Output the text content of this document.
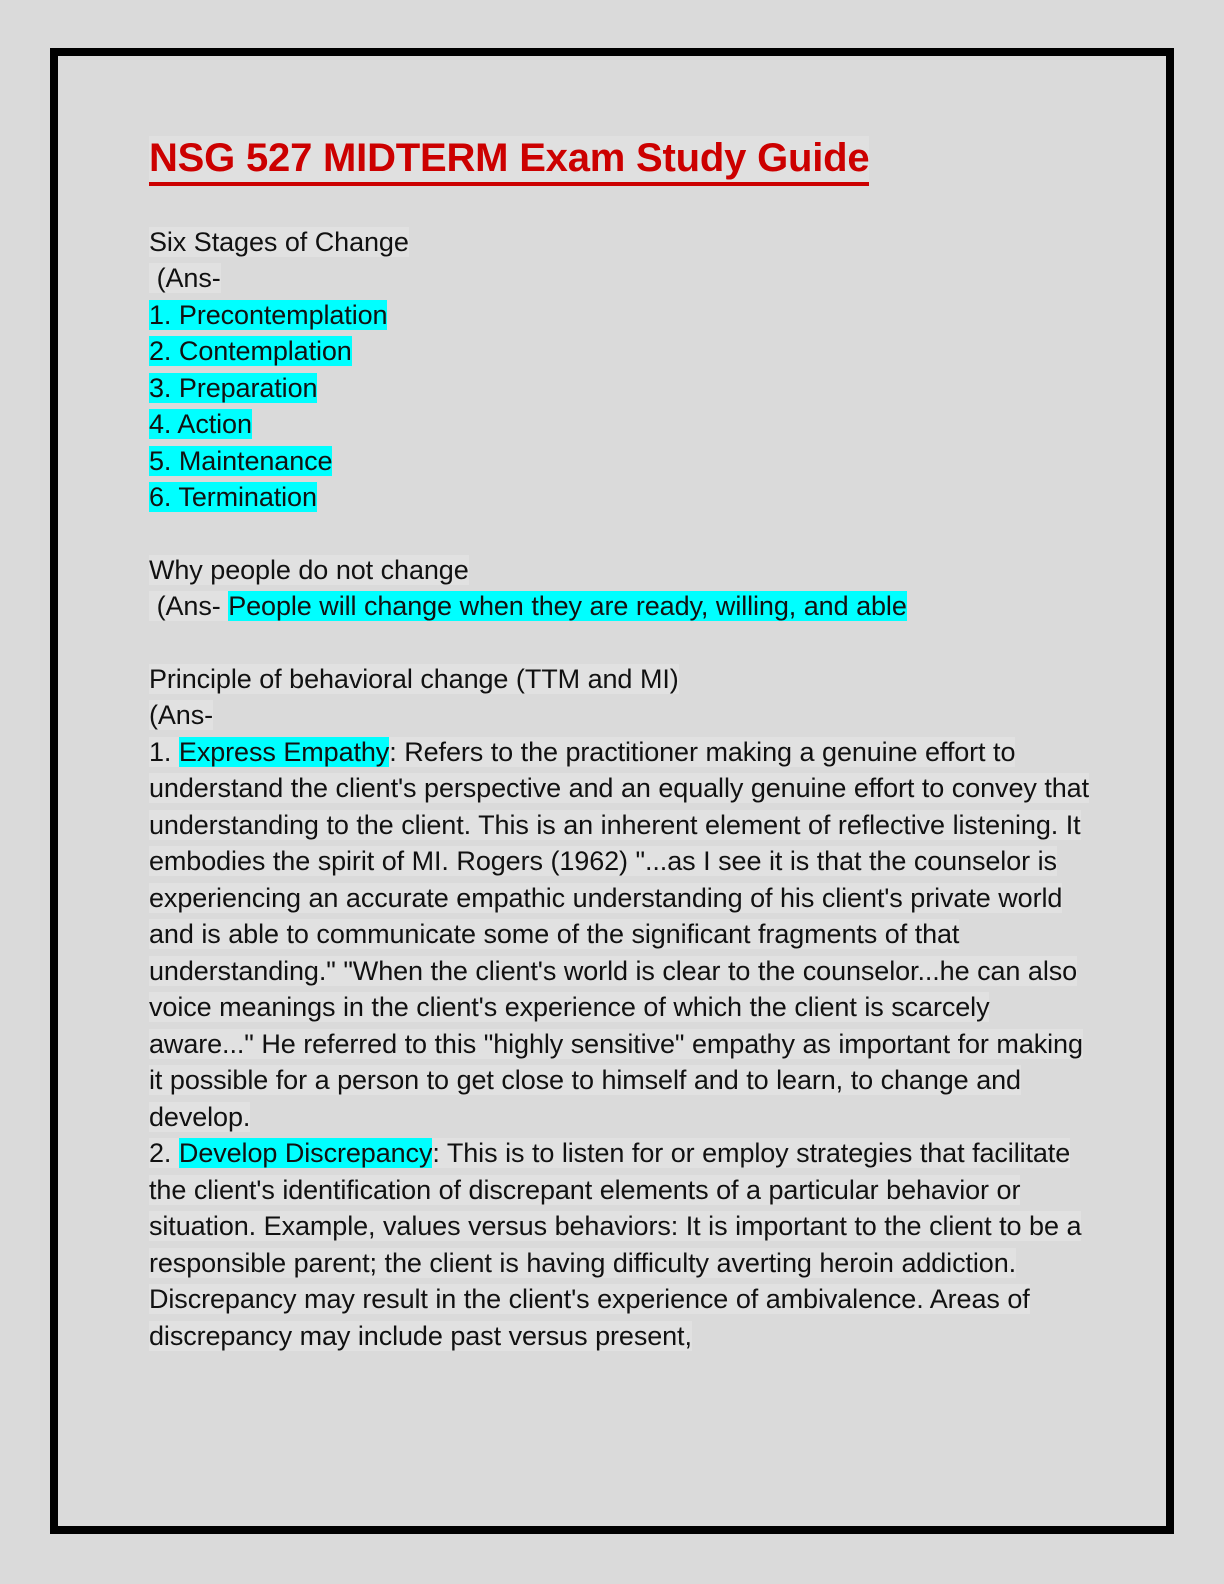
NSG 527 MIDTERM Exam Study Guide
Six Stages of Change
(Ans-
1. Precontemplation
2. Contemplation
3. Preparation
4. Action
5. Maintenance
6. Termination
Why people do not change
(Ans- People will change when they are ready, willing, and able
Principle of behavioral change (TTM and MI)
(Ans-

1. Express Empathy: Refers to the practitioner making a genuine effort to understand the client's perspective and an equally genuine effort to convey that understanding to the client. This is an inherent element of reflective listening. It embodies the spirit of MI. Rogers (1962) "...as I see it is that the counselor is experiencing an accurate empathic understanding of his client's private world and is able to communicate some of the significant fragments of that understanding." "When the client's world is clear to the counselor...he can also voice meanings in the client's experience of which the client is scarcely aware..." He referred to this "highly sensitive" empathy as important for making it possible for a person to get close to himself and to learn, to change and develop.

2. Develop Discrepancy: This is to listen for or employ strategies that facilitate the client's identification of discrepant elements of a particular behavior or situation. Example, values versus behaviors: It is important to the client to be a responsible parent; the client is having difficulty averting heroin addiction. Discrepancy may result in the client's experience of ambivalence. Areas of discrepancy may include past versus present,
